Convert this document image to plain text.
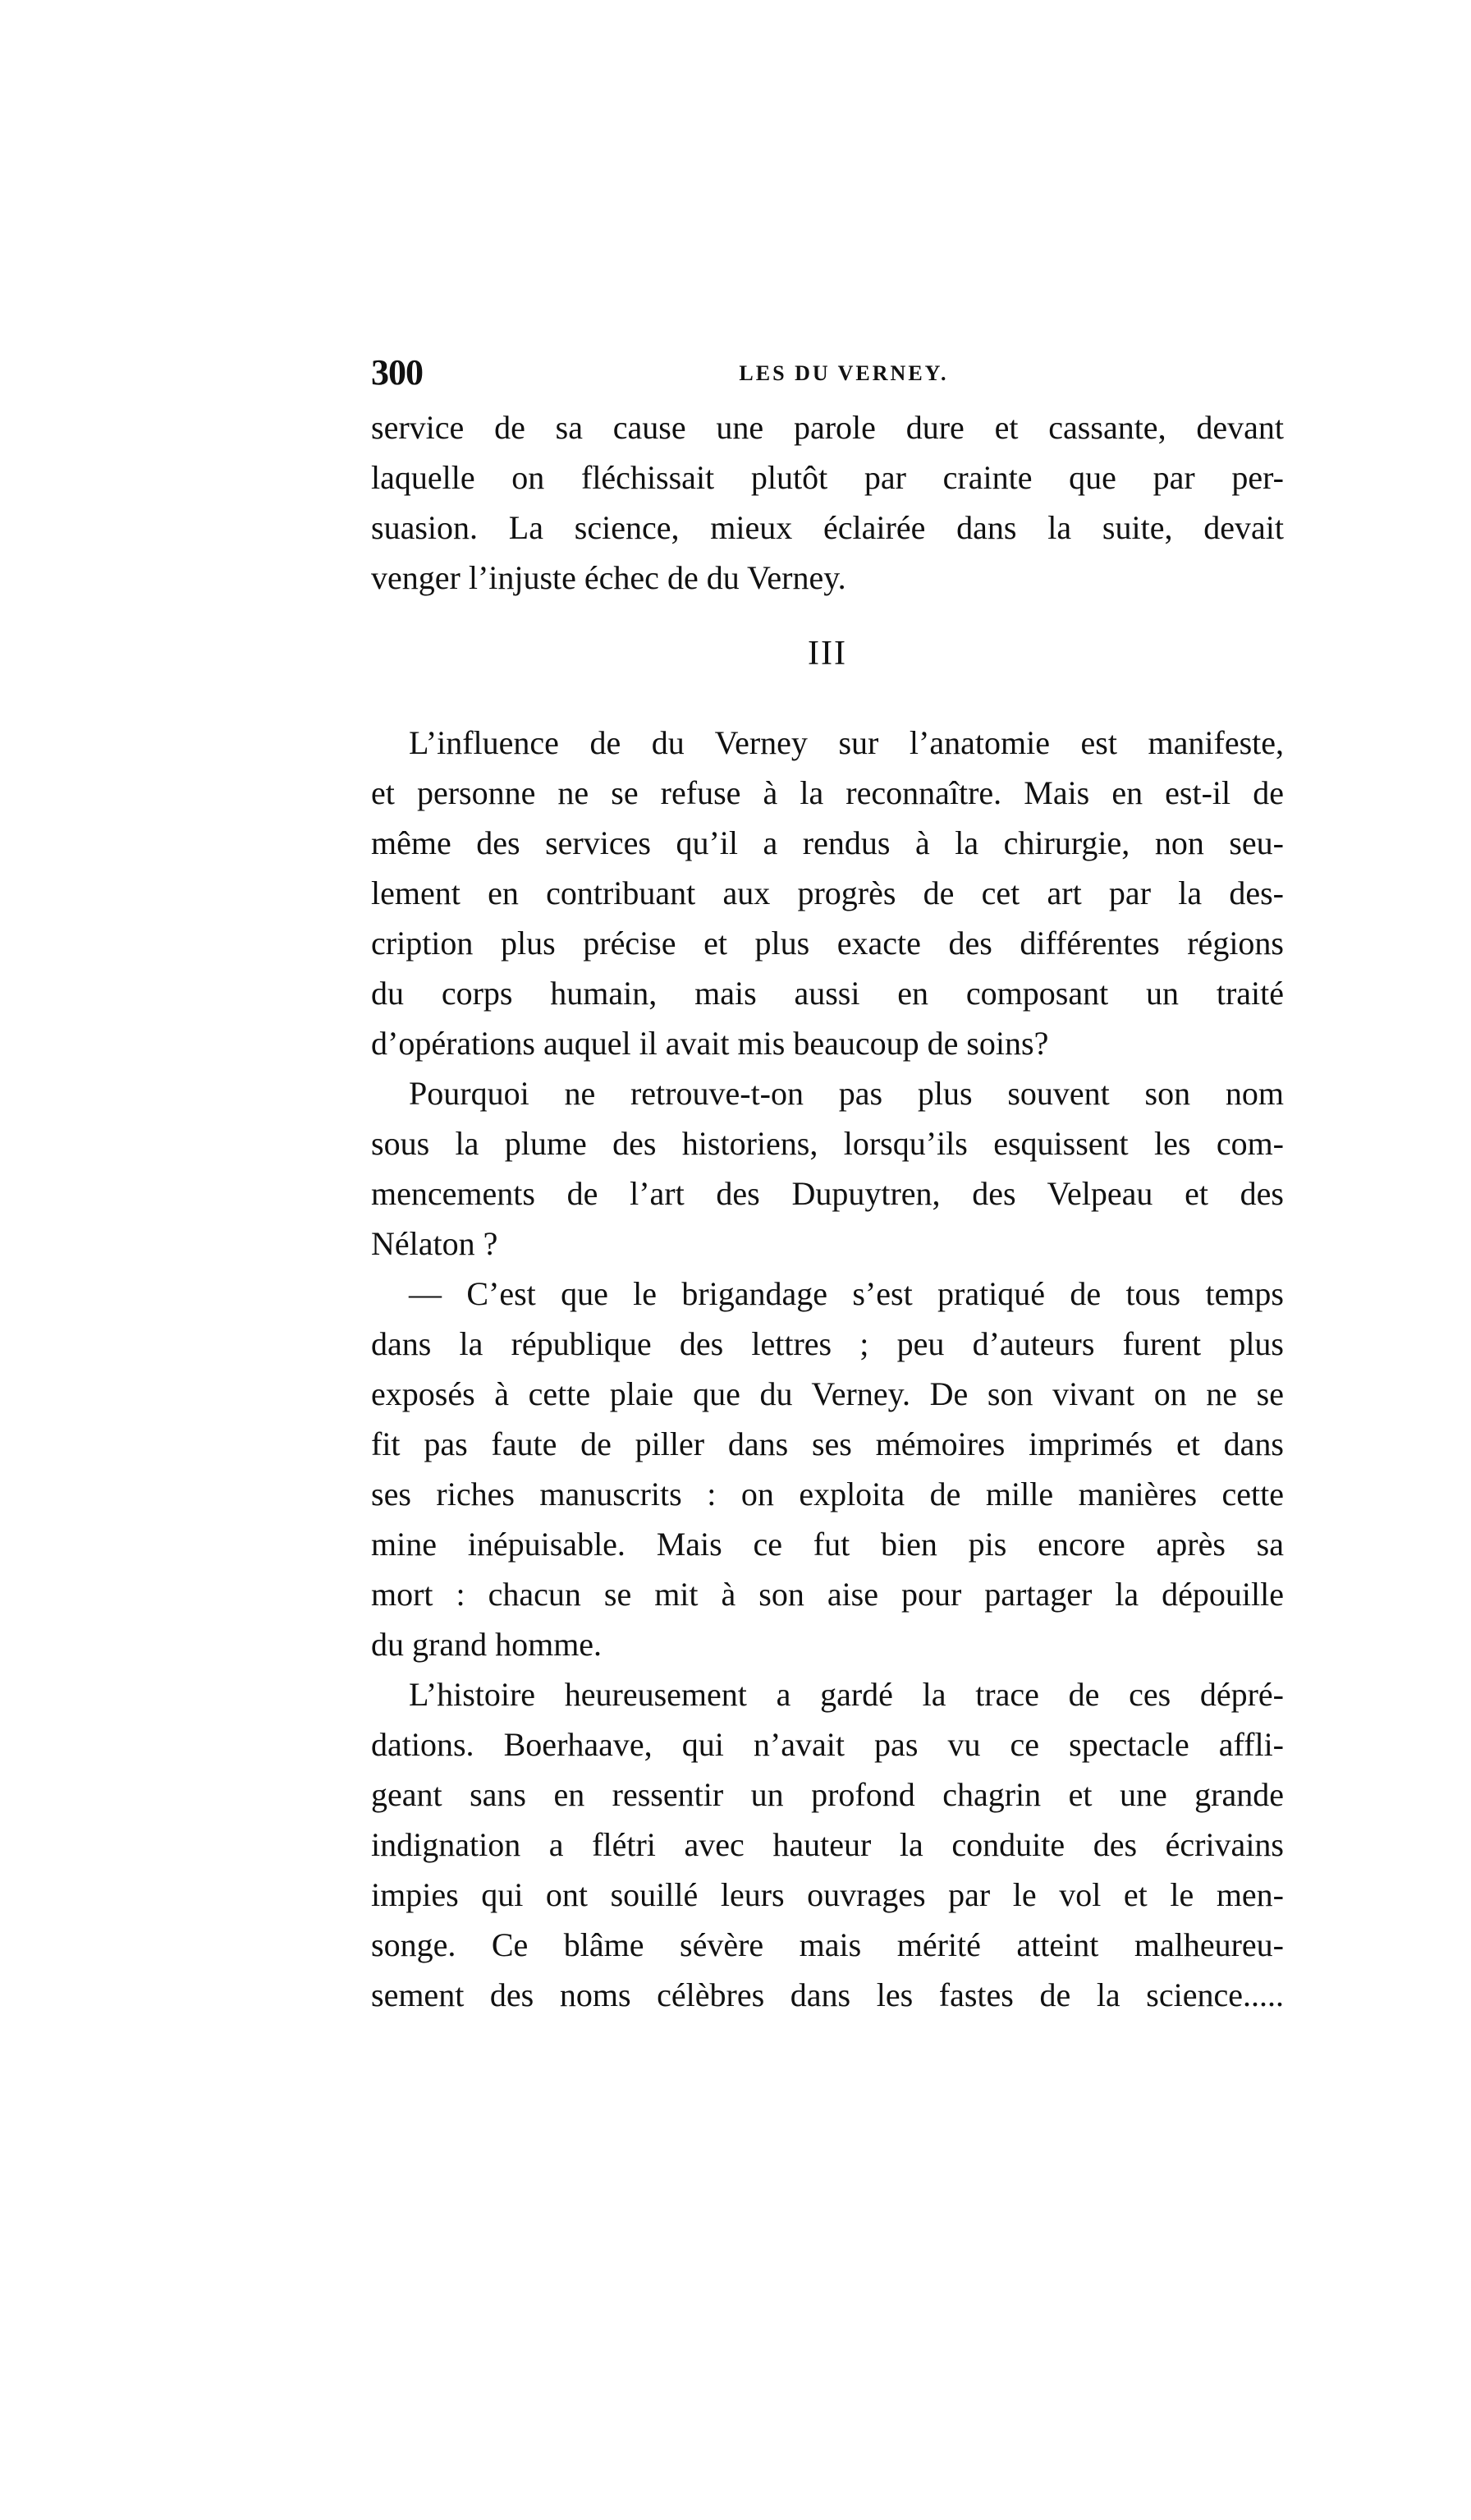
300	LES DU VERNEY.
service de sa cause une parole dure et cassante, devant
laquelle on fléchissait plutôt par crainte que par per-
suasion. La science, mieux éclairée dans la suite, devait
venger l’injuste échec de du Verney.
III
L’influence de du Verney sur l’anatomie est manifeste,
et personne ne se refuse à la reconnaître. Mais en est-il de
même des services qu’il a rendus à la chirurgie, non seu-
lement en contribuant aux progrès de cet art par la des-
cription plus précise et plus exacte des différentes régions
du corps humain, mais aussi en composant un traité
d’opérations auquel il avait mis beaucoup de soins?
Pourquoi ne retrouve-t-on pas plus souvent son nom
sous la plume des historiens, lorsqu’ils esquissent les com-
mencements de l’art des Dupuytren, des Velpeau et des
Nélaton ?
— C’est que le brigandage s’est pratiqué de tous temps
dans la république des lettres ; peu d’auteurs furent plus
exposés à cette plaie que du Verney. De son vivant on ne se
fit pas faute de piller dans ses mémoires imprimés et dans
ses riches manuscrits : on exploita de mille manières cette
mine inépuisable. Mais ce fut bien pis encore après sa
mort : chacun se mit à son aise pour partager la dépouille
du grand homme.
L’histoire heureusement a gardé la trace de ces dépré-
dations. Boerhaave, qui n’avait pas vu ce spectacle affli-
geant sans en ressentir un profond chagrin et une grande
indignation a flétri avec hauteur la conduite des écrivains
impies qui ont souillé leurs ouvrages par le vol et le men-
songe. Ce blâme sévère mais mérité atteint malheureu-
sement des noms célèbres dans les fastes de la science.....
